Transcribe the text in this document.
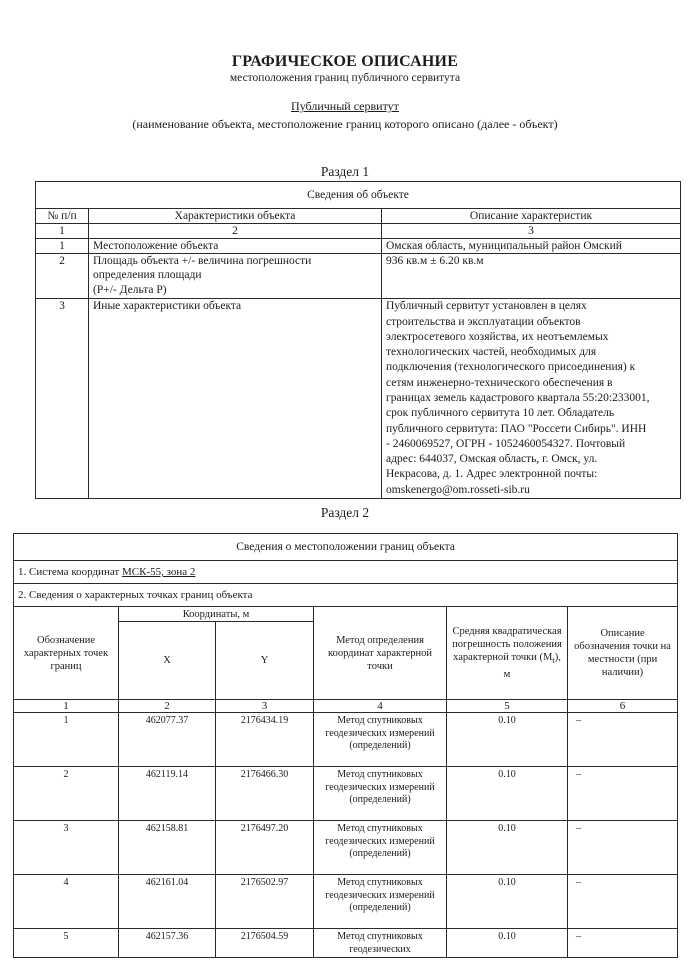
ГРАФИЧЕСКОЕ ОПИСАНИЕ
местоположения границ публичного сервитута
Публичный сервитут
(наименование объекта, местоположение границ которого описано (далее - объект)
Раздел 1
Сведения об объекте		
№ п/п	Характеристики объекта	Описание характеристик
1	2	3
1	Местоположение объекта	Омская область, муниципальный район Омский
2	Площадь объекта +/- величина погрешности
определения площади
(P+/- Дельта P)	936 кв.м ± 6.20 кв.м
3	Иные характеристики объекта	Публичный сервитут установлен в целях
строительства и эксплуатации объектов
электросетевого хозяйства, их неотъемлемых
технологических частей, необходимых для
подключения (технологического присоединения) к
сетям инженерно-технического обеспечения в
границах земель кадастрового квартала 55:20:233001,
срок публичного сервитута 10 лет. Обладатель
публичного сервитута: ПАО "Россети Сибирь". ИНН
- 2460069527, ОГРН - 1052460054327. Почтовый
адрес: 644037, Омская область, г. Омск, ул.
Некрасова, д. 1. Адрес электронной почты:
omskenergo@om.rosseti-sib.ru
Раздел 2
Сведения о местоположении границ объекта					
1. Система координат МСК-55, зона 2					
2. Сведения о характерных точках границ объекта					
Обозначение характерных точек границ	Координаты, м		Метод определения координат характерной точки	Средняя квадратическая погрешность положения характерной точки $(M_t)$, м	Описание обозначения точки на местности (при наличии)
	X	Y			
1	2	3	4	5	6
1	462077.37	2176434.19	Метод спутниковых геодезических измерений (определений)	0.10	–
2	462119.14	2176466.30	Метод спутниковых геодезических измерений (определений)	0.10	–
3	462158.81	2176497.20	Метод спутниковых геодезических измерений (определений)	0.10	–
4	462161.04	2176502.97	Метод спутниковых геодезических измерений (определений)	0.10	–
5	462157.36	2176504.59	Метод спутниковых геодезических	0.10	–
